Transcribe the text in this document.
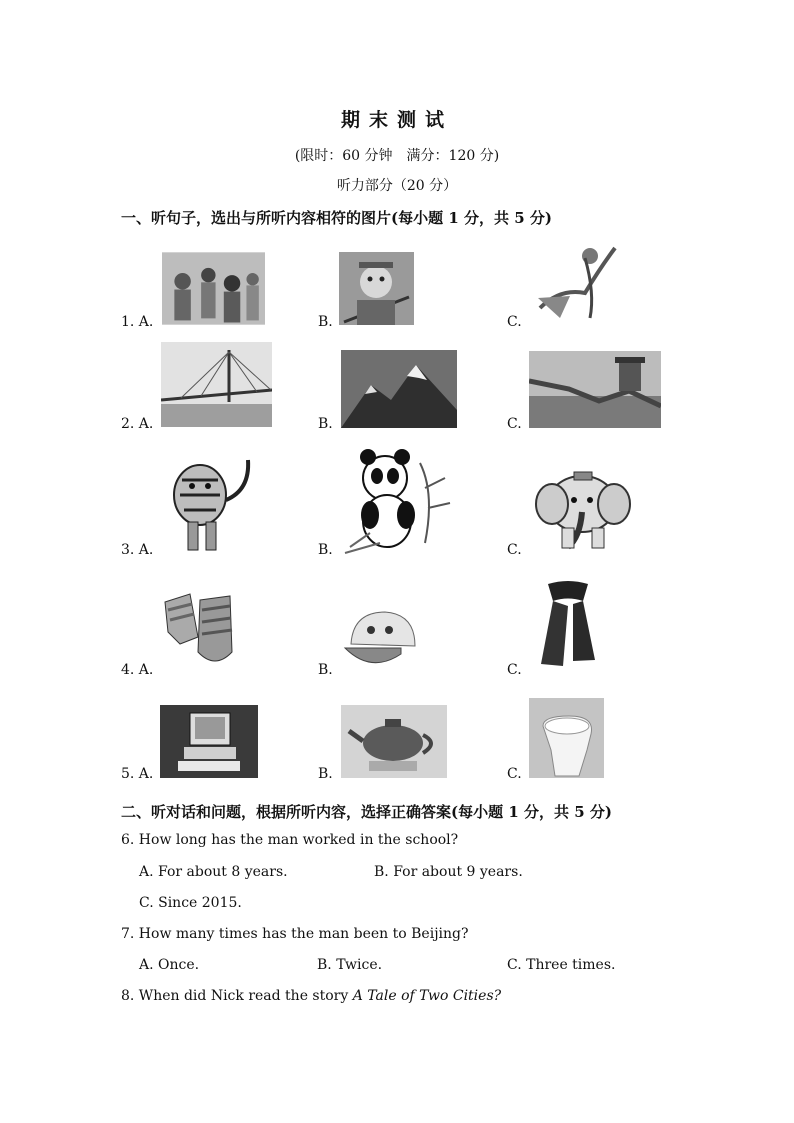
期末测试
(限时：60 分钟　满分：120 分)
听力部分（20 分）
一、听句子，选出与所听内容相符的图片(每小题 1 分，共 5 分)
1. A.	B.	C.
2. A.	B.	C.
3. A.	B.	C.
4. A.	B.	C.
5. A.	B.	C.
二、听对话和问题，根据所听内容，选择正确答案(每小题 1 分，共 5 分)
6. How long has the man worked in the school?
A. For about 8 years.	B. For about 9 years.
C. Since 2015.
7. How many times has the man been to Beijing?
A. Once.	B. Twice.	C. Three times.
8. When did Nick read the story A Tale of Two Cities?
